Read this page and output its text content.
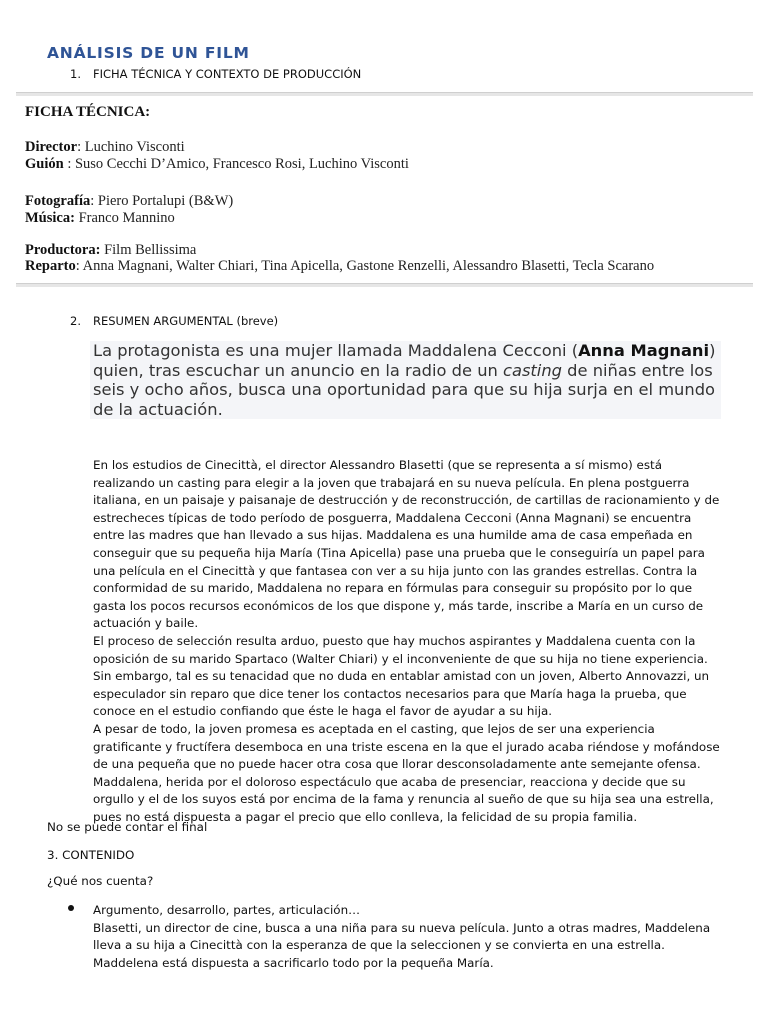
ANÁLISIS DE UN FILM
1. FICHA TÉCNICA Y CONTEXTO DE PRODUCCIÓN
FICHA TÉCNICA:
Director: Luchino Visconti
Guión : Suso Cecchi D’Amico, Francesco Rosi, Luchino Visconti
Fotografía: Piero Portalupi (B&W)
Música: Franco Mannino
Productora: Film Bellissima
Reparto: Anna Magnani, Walter Chiari, Tina Apicella, Gastone Renzelli, Alessandro Blasetti, Tecla Scarano
2. RESUMEN ARGUMENTAL (breve)
La protagonista es una mujer llamada Maddalena Cecconi (Anna Magnani) quien, tras escuchar un anuncio en la radio de un casting de niñas entre los seis y ocho años, busca una oportunidad para que su hija surja en el mundo de la actuación.

En los estudios de Cinecittà, el director Alessandro Blasetti (que se representa a sí mismo) está realizando un casting para elegir a la joven que trabajará en su nueva película. En plena postguerra italiana, en un paisaje y paisanaje de destrucción y de reconstrucción, de cartillas de racionamiento y de estrecheces típicas de todo período de posguerra, Maddalena Cecconi (Anna Magnani) se encuentra entre las madres que han llevado a sus hijas. Maddalena es una humilde ama de casa empeñada en conseguir que su pequeña hija María (Tina Apicella) pase una prueba que le conseguiría un papel para una película en el Cinecittà y que fantasea con ver a su hija junto con las grandes estrellas. Contra la conformidad de su marido, Maddalena no repara en fórmulas para conseguir su propósito por lo que gasta los pocos recursos económicos de los que dispone y, más tarde, inscribe a María en un curso de actuación y baile.

El proceso de selección resulta arduo, puesto que hay muchos aspirantes y Maddalena cuenta con la oposición de su marido Spartaco (Walter Chiari) y el inconveniente de que su hija no tiene experiencia. Sin embargo, tal es su tenacidad que no duda en entablar amistad con un joven, Alberto Annovazzi, un especulador sin reparo que dice tener los contactos necesarios para que María haga la prueba, que conoce en el estudio confiando que éste le haga el favor de ayudar a su hija.

A pesar de todo, la joven promesa es aceptada en el casting, que lejos de ser una experiencia gratificante y fructífera desemboca en una triste escena en la que el jurado acaba riéndose y mofándose de una pequeña que no puede hacer otra cosa que llorar desconsoladamente ante semejante ofensa. Maddalena, herida por el doloroso espectáculo que acaba de presenciar, reacciona y decide que su orgullo y el de los suyos está por encima de la fama y renuncia al sueño de que su hija sea una estrella, pues no está dispuesta a pagar el precio que ello conlleva, la felicidad de su propia familia.

No se puede contar el final
3. CONTENIDO
¿Qué nos cuenta?
Argumento, desarrollo, partes, articulación…
Blasetti, un director de cine, busca a una niña para su nueva película. Junto a otras madres, Maddelena lleva a su hija a Cinecittà con la esperanza de que la seleccionen y se convierta en una estrella. Maddelena está dispuesta a sacrificarlo todo por la pequeña María.
